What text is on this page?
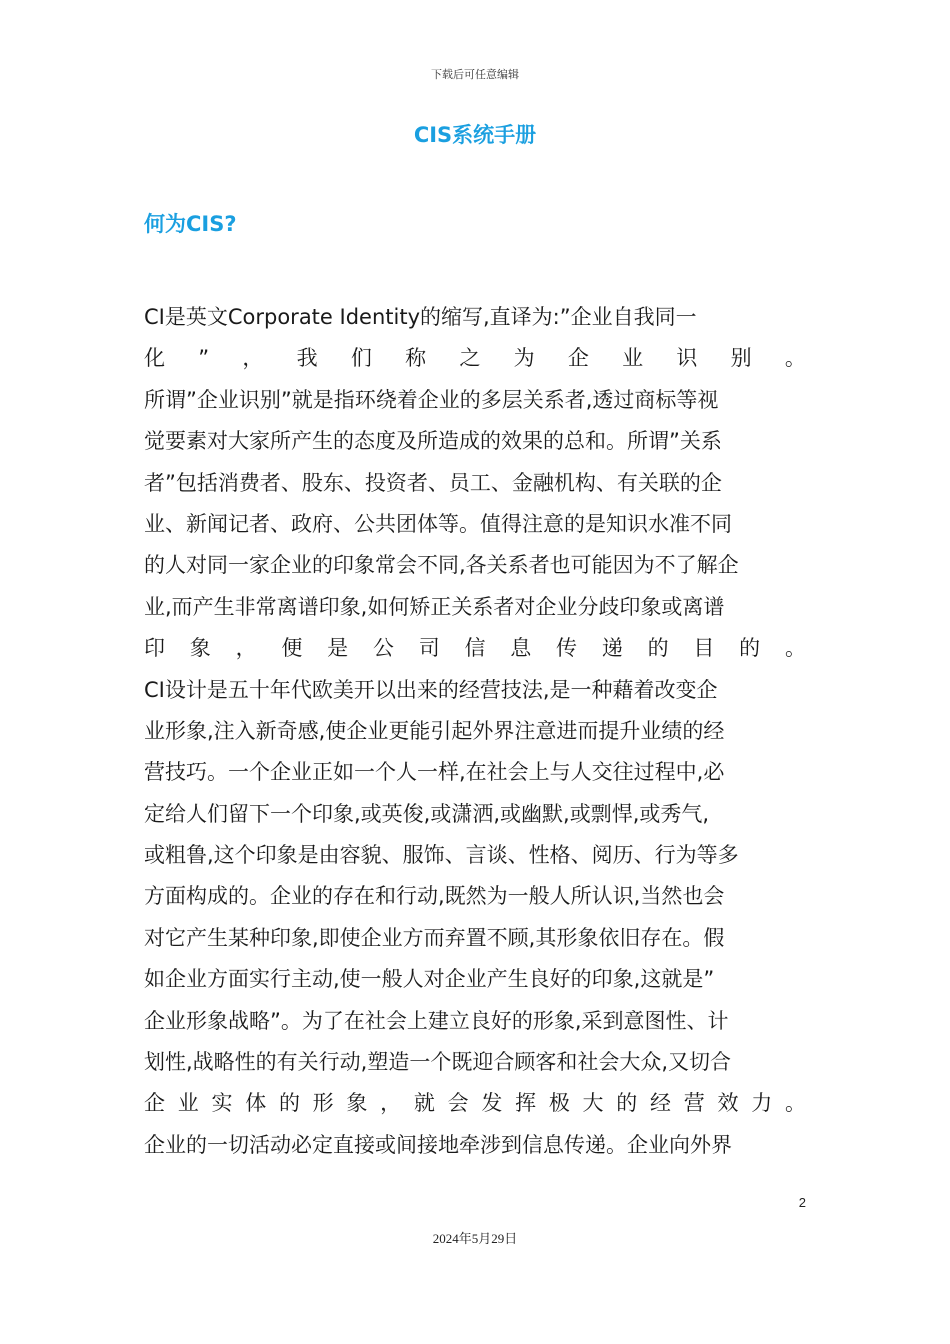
下载后可任意编辑
CIS系统手册
何为CIS?
CI是英文Corporate Identity的缩写,直译为:”企业自我同一
化 ” ， 我 们 称 之 为 企 业 识 别 。
所谓”企业识别”就是指环绕着企业的多层关系者,透过商标等视
觉要素对大家所产生的态度及所造成的效果的总和。所谓”关系
者”包括消费者、股东、投资者、员工、金融机构、有关联的企
业、新闻记者、政府、公共团体等。值得注意的是知识水准不同
的人对同一家企业的印象常会不同,各关系者也可能因为不了解企
业,而产生非常离谱印象,如何矫正关系者对企业分歧印象或离谱
印 象 ， 便 是 公 司 信 息 传 递 的 目 的 。
CI设计是五十年代欧美开以出来的经营技法,是一种藉着改变企
业形象,注入新奇感,使企业更能引起外界注意进而提升业绩的经
营技巧。一个企业正如一个人一样,在社会上与人交往过程中,必
定给人们留下一个印象,或英俊,或潇洒,或幽默,或剽悍,或秀气,
或粗鲁,这个印象是由容貌、服饰、言谈、性格、阅历、行为等多
方面构成的。企业的存在和行动,既然为一般人所认识,当然也会
对它产生某种印象,即使企业方而弃置不顾,其形象依旧存在。假
如企业方面实行主动,使一般人对企业产生良好的印象,这就是”
企业形象战略”。为了在社会上建立良好的形象,采到意图性、计
划性,战略性的有关行动,塑造一个既迎合顾客和社会大众,又切合
企 业 实 体 的 形 象 ， 就 会 发 挥 极 大 的 经 营 效 力 。
企业的一切活动必定直接或间接地牵涉到信息传递。企业向外界
2
2024年5月29日
